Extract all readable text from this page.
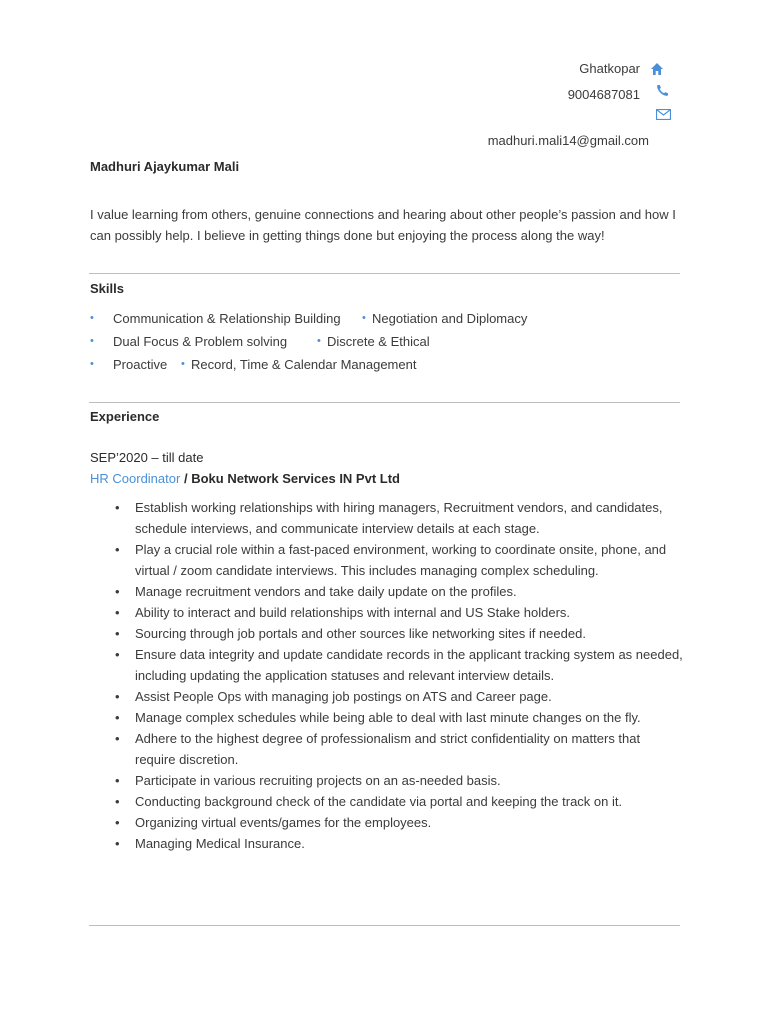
Ghatkopar
9004687081
madhuri.mali14@gmail.com
Madhuri Ajaykumar Mali
I value learning from others, genuine connections and hearing about other people’s passion and how I can possibly help. I believe in getting things done but enjoying the process along the way!
Skills
• Communication & Relationship Building • Negotiation and Diplomacy
• Dual Focus & Problem solving	• Discrete & Ethical
• Proactive • Record, Time & Calendar Management
Experience
SEP’2020 – till date
HR Coordinator / Boku Network Services IN Pvt Ltd
• Establish working relationships with hiring managers, Recruitment vendors, and candidates, schedule interviews, and communicate interview details at each stage.
• Play a crucial role within a fast-paced environment, working to coordinate onsite, phone, and virtual / zoom candidate interviews. This includes managing complex scheduling.
• Manage recruitment vendors and take daily update on the profiles.
• Ability to interact and build relationships with internal and US Stake holders.
• Sourcing through job portals and other sources like networking sites if needed.
• Ensure data integrity and update candidate records in the applicant tracking system as needed, including updating the application statuses and relevant interview details.
• Assist People Ops with managing job postings on ATS and Career page.
• Manage complex schedules while being able to deal with last minute changes on the fly.
• Adhere to the highest degree of professionalism and strict confidentiality on matters that require discretion.
• Participate in various recruiting projects on an as-needed basis.
• Conducting background check of the candidate via portal and keeping the track on it.
• Organizing virtual events/games for the employees.
• Managing Medical Insurance.
